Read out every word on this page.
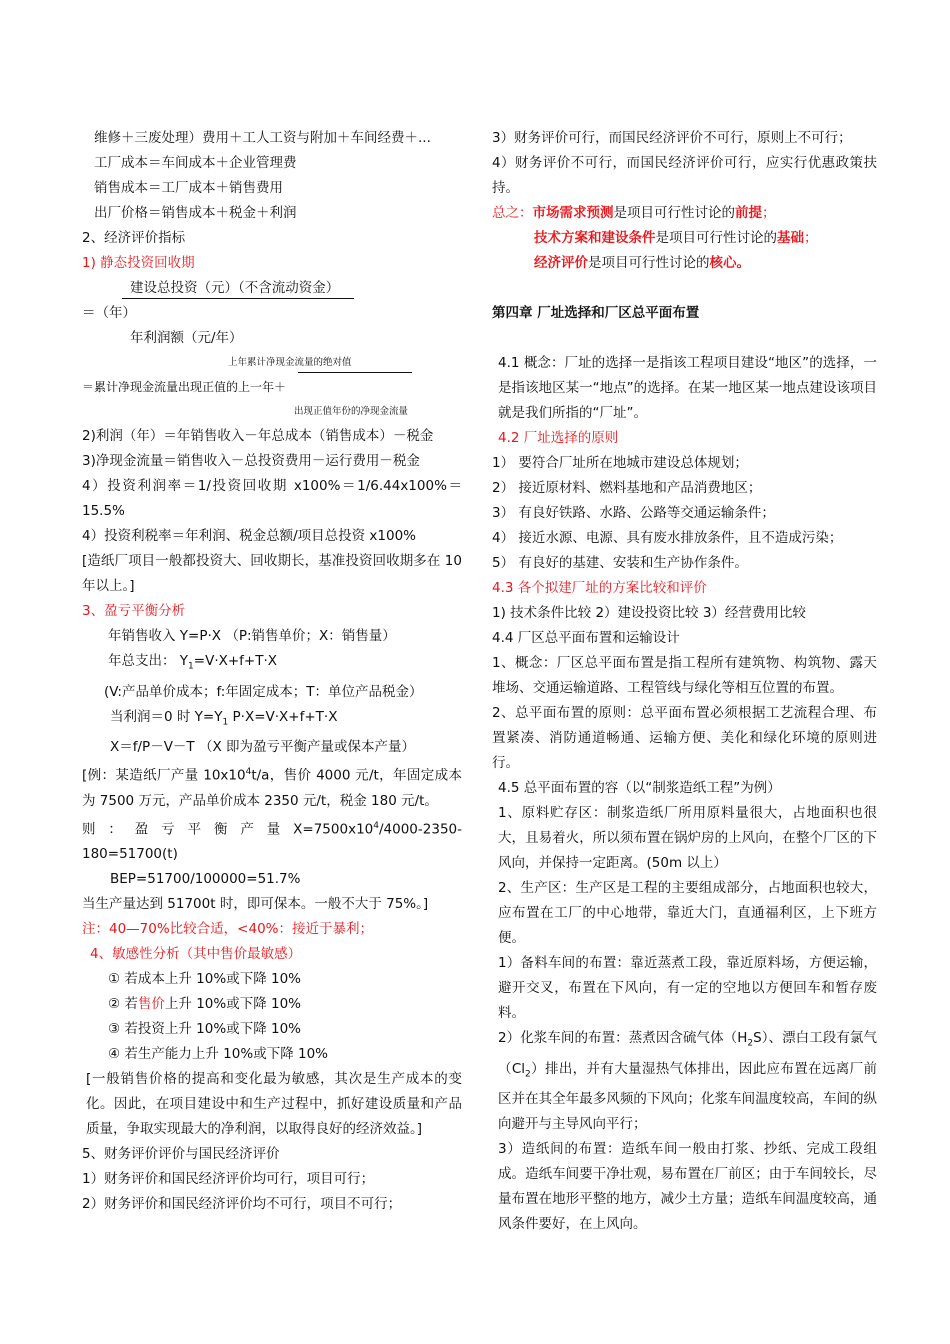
维修＋三废处理）费用＋工人工资与附加＋车间经费＋...
工厂成本＝车间成本＋企业管理费
销售成本＝工厂成本＋销售费用
出厂价格＝销售成本＋税金＋利润
2、经济评价指标
1) 静态投资回收期
建设总投资（元）（不含流动资金）
＝（年）
年利润额（元/年）
上年累计净现金流量的绝对值
＝累计净现金流量出现正值的上一年＋
出现正值年份的净现金流量
2)利润（年）＝年销售收入－年总成本（销售成本）－税金
3)净现金流量＝销售收入－总投资费用－运行费用－税金
4）投资利润率＝1/投资回收期 x100%＝1/6.44x100%＝15.5%
4）投资利税率＝年利润、税金总额/项目总投资 x100%
[造纸厂项目一般都投资大、回收期长，基准投资回收期多在 10 年以上。]
3、盈亏平衡分析
年销售收入 Y=P·X （P:销售单价；X：销售量）
年总支出： $Y_1=V\cdot X+f+T\cdot X$
(V:产品单价成本；f:年固定成本；T：单位产品税金）
当利润＝0 时 $Y=Y_1$ P·X=V·X+f+T·X
X＝f/P－V－T （X 即为盈亏平衡产量或保本产量）
[例：某造纸厂产量 $10x10^4t/a$，售价 4000 元/t，年固定成本为 7500 万元，产品单价成本 2350 元/t，税金 180 元/t。
则 ： 盈 亏 平 衡 产 量 $X=7500x10^4/4000-2350-180=51700(t)$
BEP=51700/100000=51.7%
当生产量达到 51700t 时，即可保本。一般不大于 75%。]
注：40—70%比较合适，<40%：接近于暴利；
4、敏感性分析（其中售价最敏感）
① 若成本上升 10%或下降 10%
② 若售价上升 10%或下降 10%
③ 若投资上升 10%或下降 10%
④ 若生产能力上升 10%或下降 10%
[一般销售价格的提高和变化最为敏感，其次是生产成本的变化。因此，在项目建设中和生产过程中，抓好建设质量和产品质量，争取实现最大的净利润，以取得良好的经济效益。]
5、财务评价评价与国民经济评价
1）财务评价和国民经济评价均可行，项目可行；
2）财务评价和国民经济评价均不可行，项目不可行；
3）财务评价可行，而国民经济评价不可行，原则上不可行；
4）财务评价不可行，而国民经济评价可行，应实行优惠政策扶持。
总之：市场需求预测是项目可行性讨论的前提；
技术方案和建设条件是项目可行性讨论的基础；
经济评价是项目可行性讨论的核心。
第四章 厂址选择和厂区总平面布置
4.1 概念：厂址的选择一是指该工程项目建设“地区”的选择，一是指该地区某一“地点”的选择。在某一地区某一地点建设该项目就是我们所指的“厂址”。
4.2 厂址选择的原则
1） 要符合厂址所在地城市建设总体规划；
2） 接近原材料、燃料基地和产品消费地区；
3） 有良好铁路、水路、公路等交通运输条件；
4） 接近水源、电源、具有废水排放条件，且不造成污染；
5） 有良好的基建、安装和生产协作条件。
4.3 各个拟建厂址的方案比较和评价
1) 技术条件比较 2）建设投资比较 3）经营费用比较
4.4 厂区总平面布置和运输设计
1、概念：厂区总平面布置是指工程所有建筑物、构筑物、露天堆场、交通运输道路、工程管线与绿化等相互位置的布置。
2、总平面布置的原则：总平面布置必须根据工艺流程合理、布置紧凑、消防通道畅通、运输方便、美化和绿化环境的原则进行。
4.5 总平面布置的容（以“制浆造纸工程”为例）
1、原料贮存区：制浆造纸厂所用原料量很大，占地面积也很大，且易着火，所以须布置在锅炉房的上风向，在整个厂区的下风向，并保持一定距离。(50m 以上）
2、生产区：生产区是工程的主要组成部分，占地面积也较大，应布置在工厂的中心地带，靠近大门，直通福利区，上下班方便。
1）备料车间的布置：靠近蒸煮工段，靠近原料场，方便运输，避开交叉，布置在下风向，有一定的空地以方便回车和暂存废料。
2）化浆车间的布置：蒸煮因含硫气体$(H_2S)$、漂白工段有氯气$(Cl_2)$排出，并有大量湿热气体排出，因此应布置在远离厂前区并在其全年最多风频的下风向；化浆车间温度较高，车间的纵向避开与主导风向平行；
3）造纸间的布置：造纸车间一般由打浆、抄纸、完成工段组成。造纸车间要干净壮观，易布置在厂前区；由于车间较长，尽量布置在地形平整的地方，减少土方量；造纸车间温度较高，通风条件要好，在上风向。
